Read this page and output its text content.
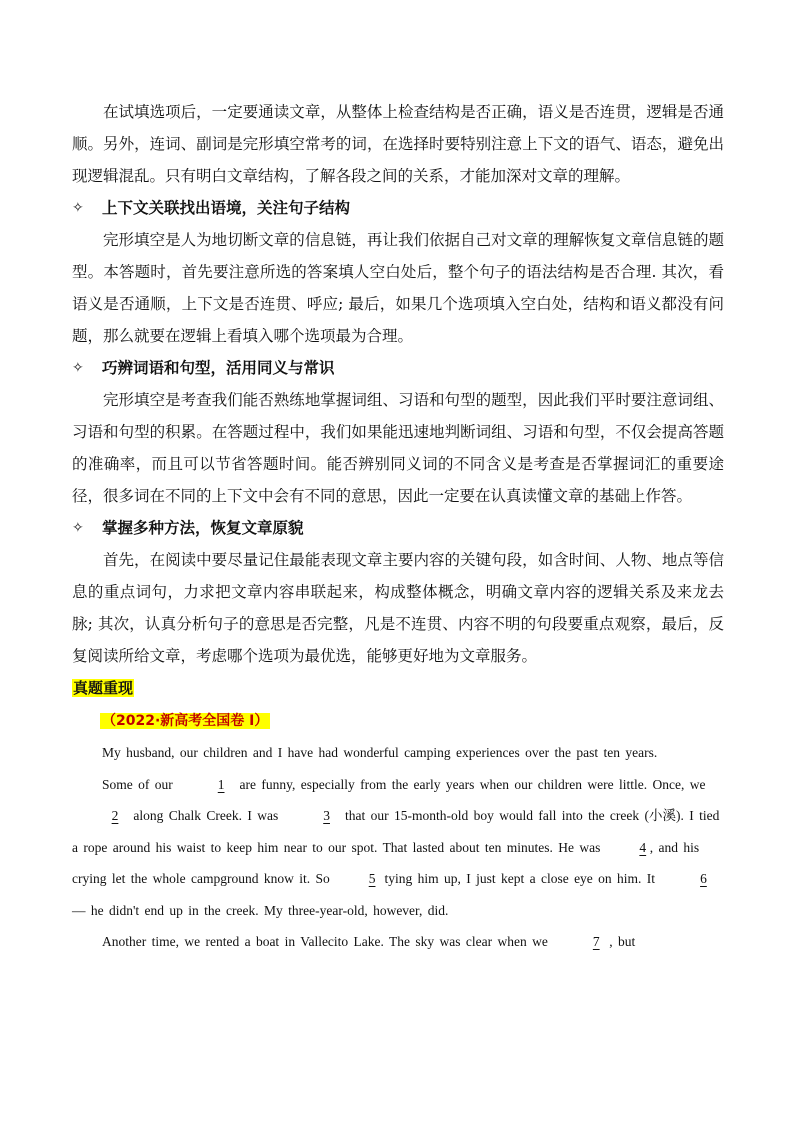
在试填选项后，一定要通读文章，从整体上检查结构是否正确，语义是否连贯，逻辑是否通顺。另外，连词、副词是完形填空常考的词，在选择时要特别注意上下文的语气、语态，避免出现逻辑混乱。只有明白文章结构，了解各段之间的关系，才能加深对文章的理解。

✧	上下文关联找出语境，关注句子结构

完形填空是人为地切断文章的信息链，再让我们依据自己对文章的理解恢复文章信息链的题型。本答题时，首先要注意所选的答案填人空白处后，整个句子的语法结构是否合理. 其次，看语义是否通顺，上下文是否连贯、呼应; 最后，如果几个选项填入空白处，结构和语义都没有问题，那么就要在逻辑上看填入哪个选项最为合理。

✧	巧辨词语和句型，活用同义与常识

完形填空是考查我们能否熟练地掌握词组、习语和句型的题型，因此我们平时要注意词组、习语和句型的积累。在答题过程中，我们如果能迅速地判断词组、习语和句型，不仅会提高答题的准确率，而且可以节省答题时间。能否辨别同义词的不同含义是考查是否掌握词汇的重要途径，很多词在不同的上下文中会有不同的意思，因此一定要在认真读懂文章的基础上作答。

✧	掌握多种方法，恢复文章原貌

首先，在阅读中要尽量记住最能表现文章主要内容的关键句段，如含时间、人物、地点等信息的重点词句，力求把文章内容串联起来，构成整体概念，明确文章内容的逻辑关系及来龙去脉; 其次，认真分析句子的意思是否完整，凡是不连贯、内容不明的句段要重点观察，最后，反复阅读所给文章，考虑哪个选项为最优选，能够更好地为文章服务。

真题重现

（2022·新高考全国卷 I）

My husband, our children and I have had wonderful camping experiences over the past ten years.

Some of our	1 are funny, especially from the early years when our children were little. Once, we 2 along Chalk Creek. I was	3 that our 15-month-old boy would fall into the creek (小溪). I tied a rope around his waist to keep him near to our spot. That lasted about ten minutes. He was 4 , and his crying let the whole campground know it. So 5 tying him up, I just kept a close eye on him. It	6 — he didn't end up in the creek. My three-year-old, however, did.

Another time, we rented a boat in Vallecito Lake. The sky was clear when we	7 , but
